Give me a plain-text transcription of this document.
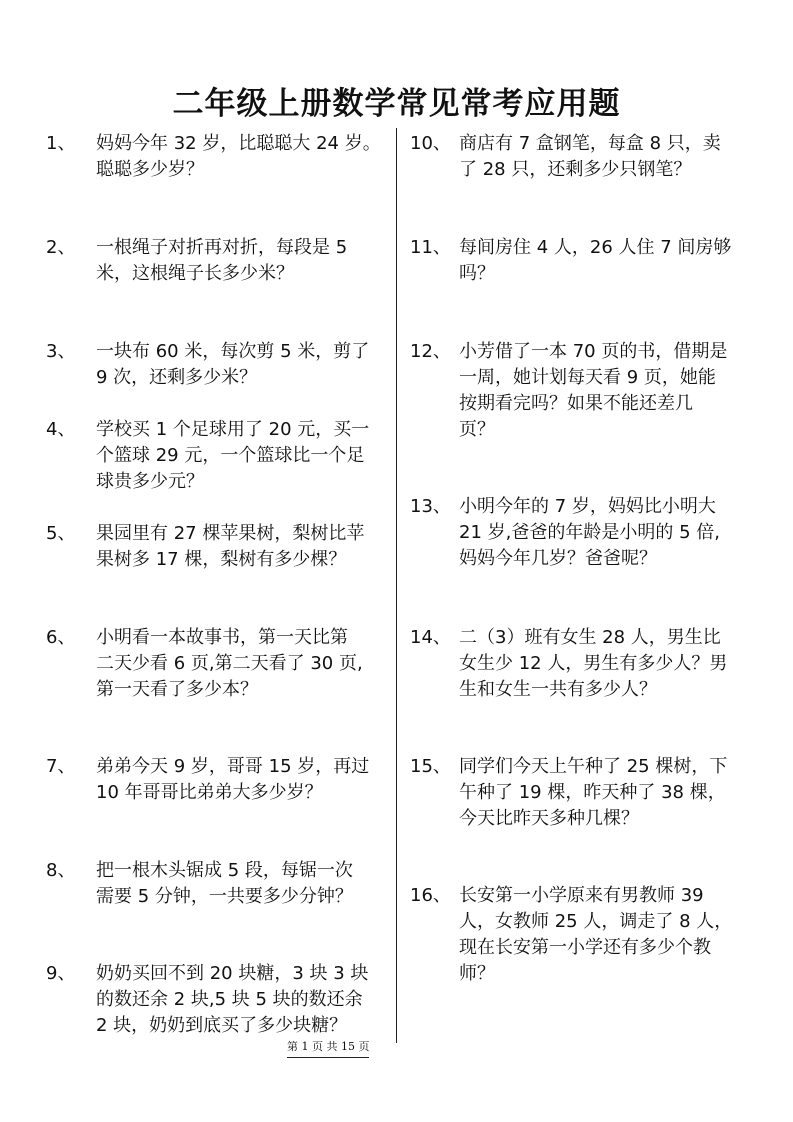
二年级上册数学常见常考应用题
1、 妈妈今年 32 岁，比聪聪大 24 岁。
聪聪多少岁？
2、 一根绳子对折再对折，每段是 5
米，这根绳子长多少米？
3、 一块布 60 米，每次剪 5 米，剪了
9 次，还剩多少米？
4、 学校买 1 个足球用了 20 元，买一
个篮球 29 元，一个篮球比一个足
球贵多少元？
5、 果园里有 27 棵苹果树，梨树比苹
果树多 17 棵，梨树有多少棵？
6、 小明看一本故事书，第一天比第
二天少看 6 页,第二天看了 30 页,
第一天看了多少本？
7、 弟弟今天 9 岁，哥哥 15 岁，再过
10 年哥哥比弟弟大多少岁？
8、 把一根木头锯成 5 段，每锯一次
需要 5 分钟，一共要多少分钟？
9、 奶奶买回不到 20 块糖，3 块 3 块
的数还余 2 块,5 块 5 块的数还余
2 块，奶奶到底买了多少块糖？
10、 商店有 7 盒钢笔，每盒 8 只，卖
了 28 只，还剩多少只钢笔？
11、 每间房住 4 人，26 人住 7 间房够
吗？
12、 小芳借了一本 70 页的书，借期是
一周，她计划每天看 9 页，她能
按期看完吗？如果不能还差几
页？
13、 小明今年的 7 岁，妈妈比小明大
21 岁,爸爸的年龄是小明的 5 倍,
妈妈今年几岁？爸爸呢？
14、 二（3）班有女生 28 人，男生比
女生少 12 人，男生有多少人？男
生和女生一共有多少人？
15、 同学们今天上午种了 25 棵树，下
午种了 19 棵，昨天种了 38 棵，
今天比昨天多种几棵？
16、 长安第一小学原来有男教师 39
人，女教师 25 人，调走了 8 人，
现在长安第一小学还有多少个教
师？
第 1 页 共 15 页
